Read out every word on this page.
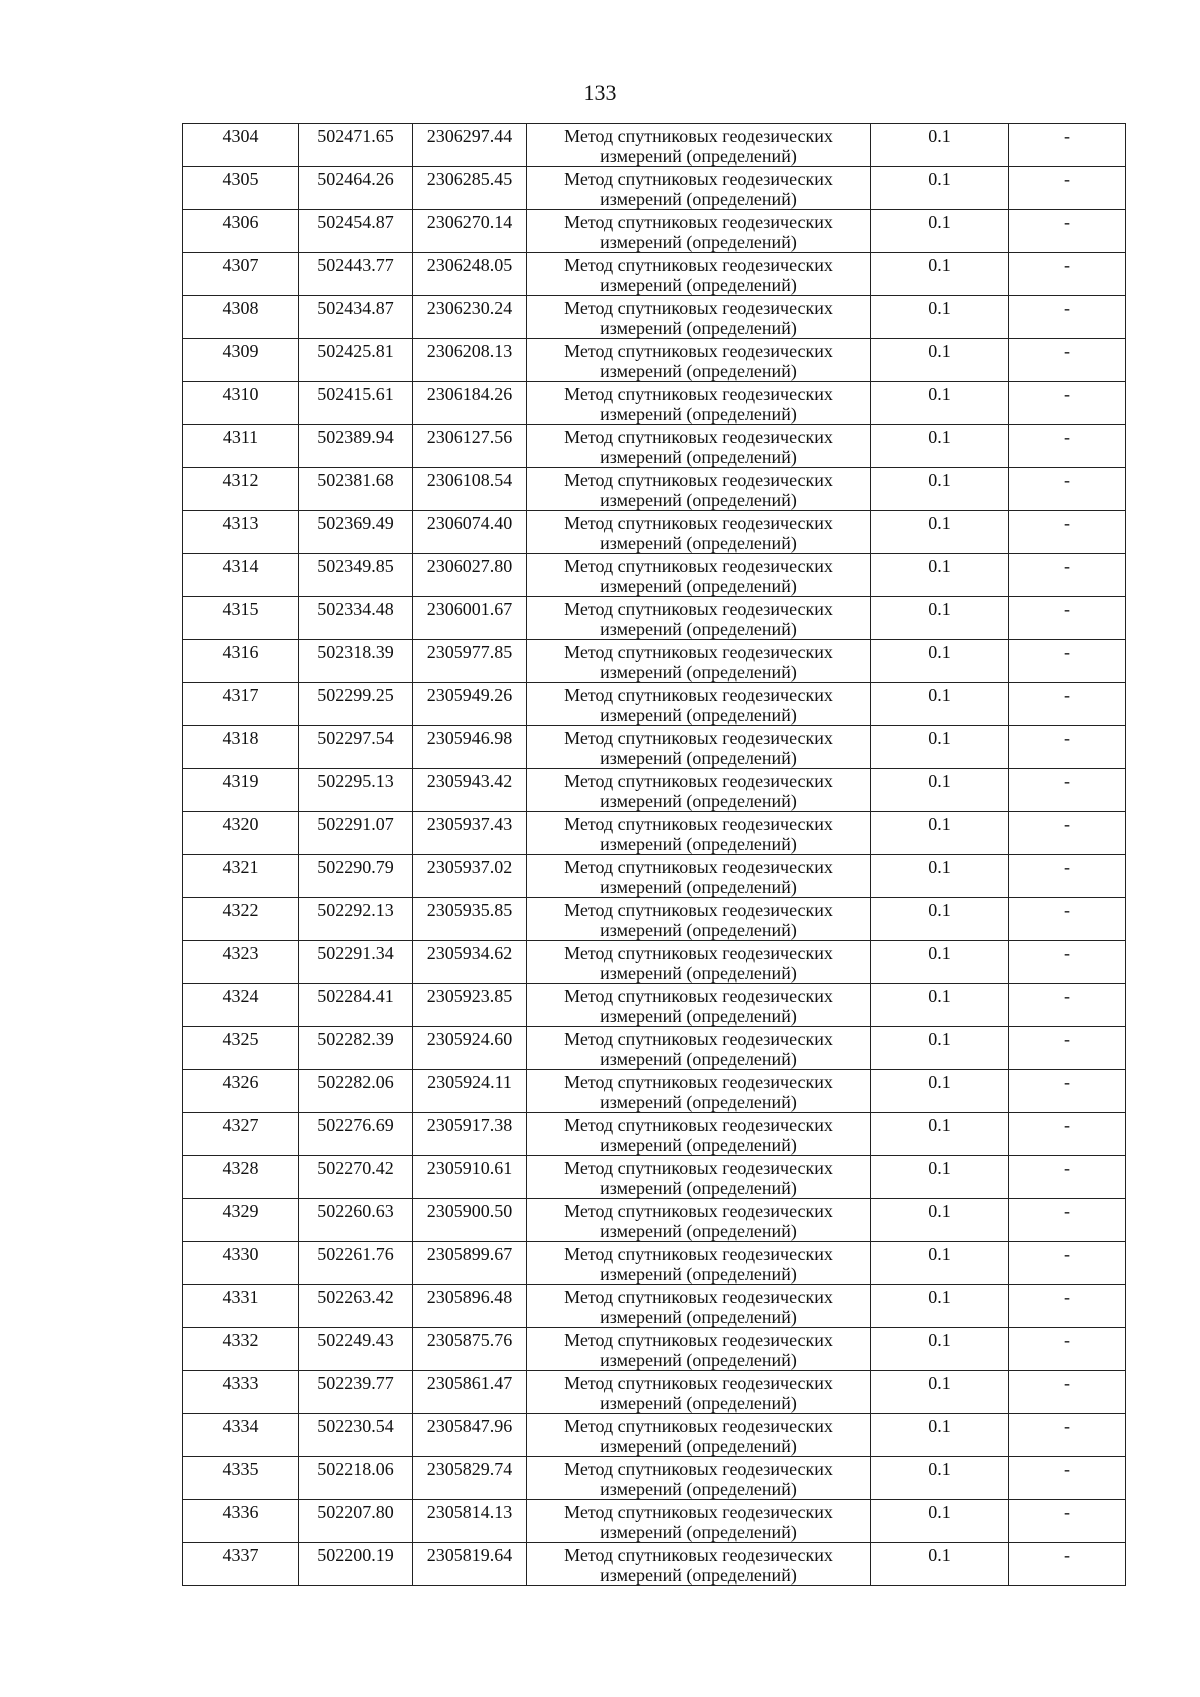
133
4304	502471.65	2306297.44	Метод спутниковых геодезических
измерений (определений)	0.1	-

4305	502464.26	2306285.45	Метод спутниковых геодезических
измерений (определений)	0.1	-

4306	502454.87	2306270.14	Метод спутниковых геодезических
измерений (определений)	0.1	-

4307	502443.77	2306248.05	Метод спутниковых геодезических
измерений (определений)	0.1	-

4308	502434.87	2306230.24	Метод спутниковых геодезических
измерений (определений)	0.1	-

4309	502425.81	2306208.13	Метод спутниковых геодезических
измерений (определений)	0.1	-

4310	502415.61	2306184.26	Метод спутниковых геодезических
измерений (определений)	0.1	-

4311	502389.94	2306127.56	Метод спутниковых геодезических
измерений (определений)	0.1	-

4312	502381.68	2306108.54	Метод спутниковых геодезических
измерений (определений)	0.1	-

4313	502369.49	2306074.40	Метод спутниковых геодезических
измерений (определений)	0.1	-

4314	502349.85	2306027.80	Метод спутниковых геодезических
измерений (определений)	0.1	-

4315	502334.48	2306001.67	Метод спутниковых геодезических
измерений (определений)	0.1	-

4316	502318.39	2305977.85	Метод спутниковых геодезических
измерений (определений)	0.1	-

4317	502299.25	2305949.26	Метод спутниковых геодезических
измерений (определений)	0.1	-

4318	502297.54	2305946.98	Метод спутниковых геодезических
измерений (определений)	0.1	-

4319	502295.13	2305943.42	Метод спутниковых геодезических
измерений (определений)	0.1	-

4320	502291.07	2305937.43	Метод спутниковых геодезических
измерений (определений)	0.1	-

4321	502290.79	2305937.02	Метод спутниковых геодезических
измерений (определений)	0.1	-

4322	502292.13	2305935.85	Метод спутниковых геодезических
измерений (определений)	0.1	-

4323	502291.34	2305934.62	Метод спутниковых геодезических
измерений (определений)	0.1	-

4324	502284.41	2305923.85	Метод спутниковых геодезических
измерений (определений)	0.1	-

4325	502282.39	2305924.60	Метод спутниковых геодезических
измерений (определений)	0.1	-

4326	502282.06	2305924.11	Метод спутниковых геодезических
измерений (определений)	0.1	-

4327	502276.69	2305917.38	Метод спутниковых геодезических
измерений (определений)	0.1	-

4328	502270.42	2305910.61	Метод спутниковых геодезических
измерений (определений)	0.1	-

4329	502260.63	2305900.50	Метод спутниковых геодезических
измерений (определений)	0.1	-

4330	502261.76	2305899.67	Метод спутниковых геодезических
измерений (определений)	0.1	-

4331	502263.42	2305896.48	Метод спутниковых геодезических
измерений (определений)	0.1	-

4332	502249.43	2305875.76	Метод спутниковых геодезических
измерений (определений)	0.1	-

4333	502239.77	2305861.47	Метод спутниковых геодезических
измерений (определений)	0.1	-

4334	502230.54	2305847.96	Метод спутниковых геодезических
измерений (определений)	0.1	-

4335	502218.06	2305829.74	Метод спутниковых геодезических
измерений (определений)	0.1	-

4336	502207.80	2305814.13	Метод спутниковых геодезических
измерений (определений)	0.1	-

4337	502200.19	2305819.64	Метод спутниковых геодезических
измерений (определений)	0.1	-
